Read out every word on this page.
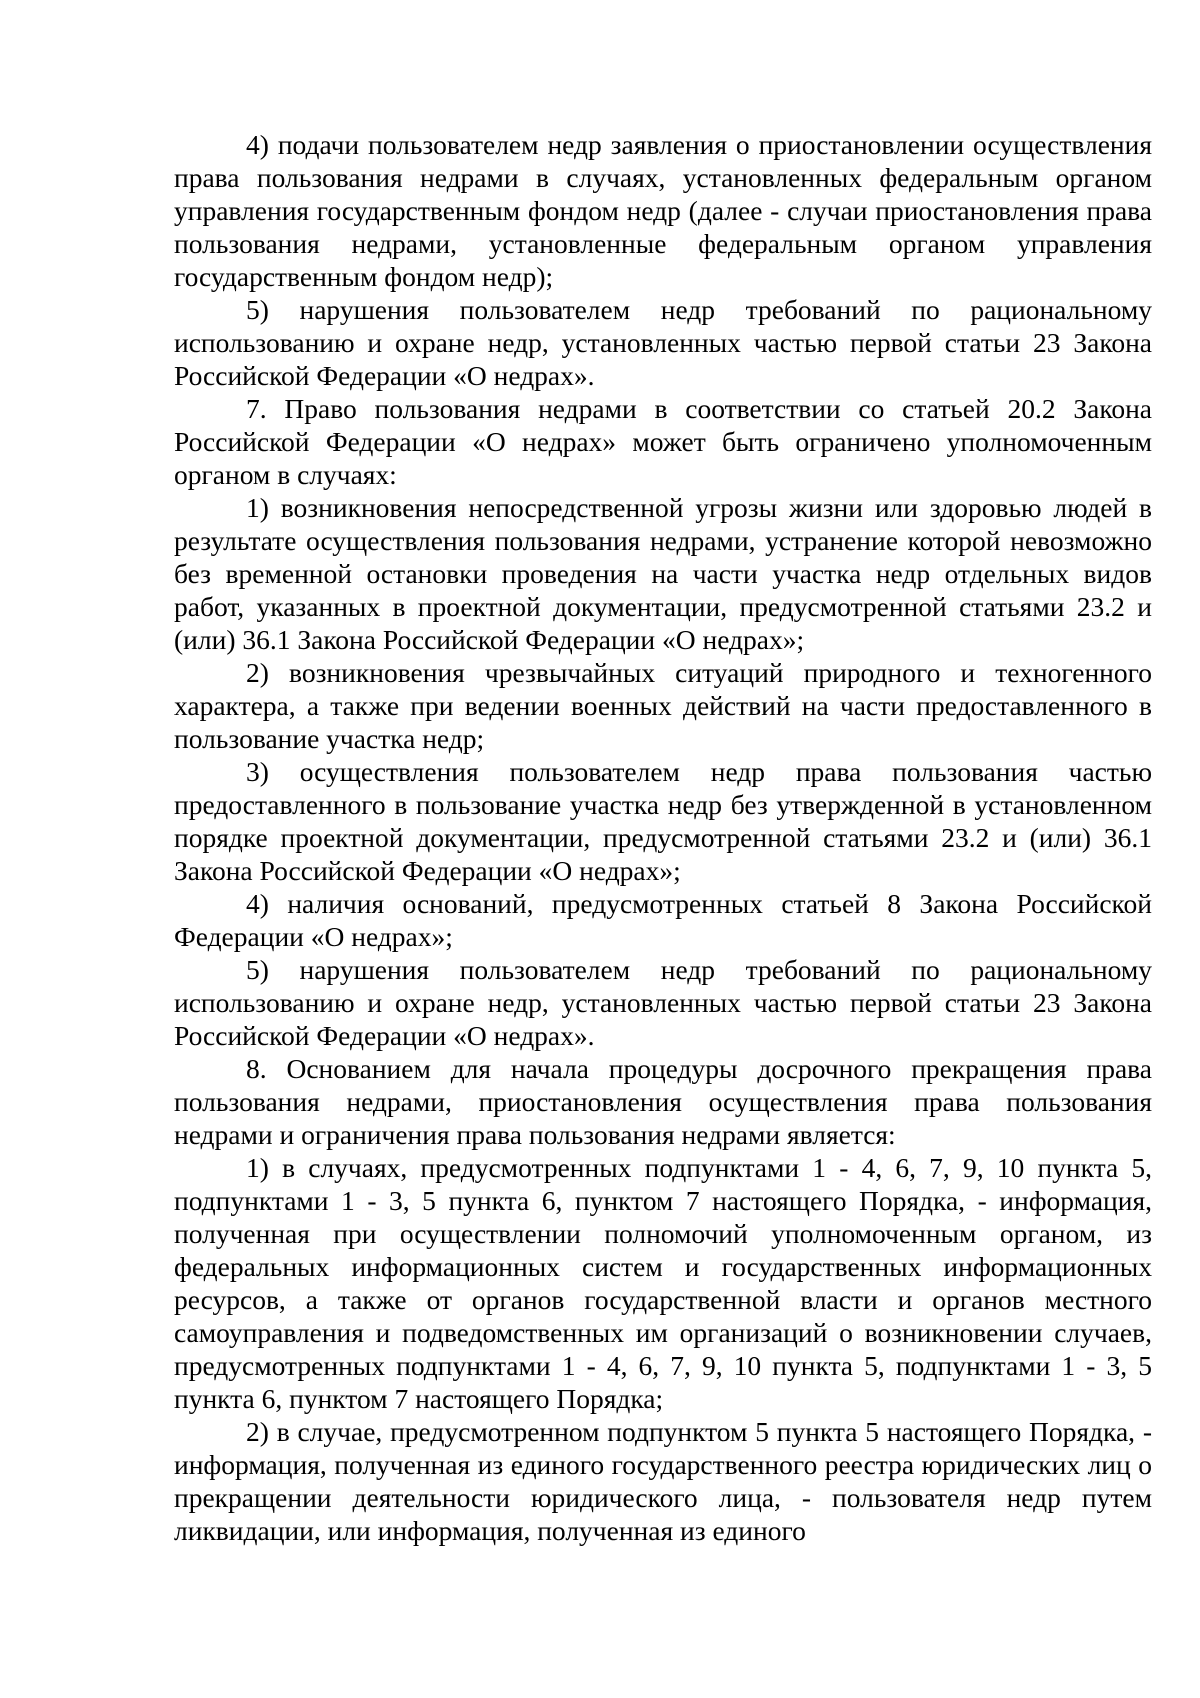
4) подачи пользователем недр заявления о приостановлении осуществления права пользования недрами в случаях, установленных федеральным органом управления государственным фондом недр (далее - случаи приостановления права пользования недрами, установленные федеральным органом управления государственным фондом недр);

5) нарушения пользователем недр требований по рациональному использованию и охране недр, установленных частью первой статьи 23 Закона Российской Федерации «О недрах».

7. Право пользования недрами в соответствии со статьей 20.2 Закона Российской Федерации «О недрах» может быть ограничено уполномоченным органом в случаях:

1) возникновения непосредственной угрозы жизни или здоровью людей в результате осуществления пользования недрами, устранение которой невозможно без временной остановки проведения на части участка недр отдельных видов работ, указанных в проектной документации, предусмотренной статьями 23.2 и (или) 36.1 Закона Российской Федерации «О недрах»;

2) возникновения чрезвычайных ситуаций природного и техногенного характера, а также при ведении военных действий на части предоставленного в пользование участка недр;

3) осуществления пользователем недр права пользования частью предоставленного в пользование участка недр без утвержденной в установленном порядке проектной документации, предусмотренной статьями 23.2 и (или) 36.1 Закона Российской Федерации «О недрах»;

4) наличия оснований, предусмотренных статьей 8 Закона Российской Федерации «О недрах»;

5) нарушения пользователем недр требований по рациональному использованию и охране недр, установленных частью первой статьи 23 Закона Российской Федерации «О недрах».

8. Основанием для начала процедуры досрочного прекращения права пользования недрами, приостановления осуществления права пользования недрами и ограничения права пользования недрами является:

1) в случаях, предусмотренных подпунктами 1 - 4, 6, 7, 9, 10 пункта 5, подпунктами 1 - 3, 5 пункта 6, пунктом 7 настоящего Порядка, - информация, полученная при осуществлении полномочий уполномоченным органом, из федеральных информационных систем и государственных информационных ресурсов, а также от органов государственной власти и органов местного самоуправления и подведомственных им организаций о возникновении случаев, предусмотренных подпунктами 1 - 4, 6, 7, 9, 10 пункта 5, подпунктами 1 - 3, 5 пункта 6, пунктом 7 настоящего Порядка;

2) в случае, предусмотренном подпунктом 5 пункта 5 настоящего Порядка, - информация, полученная из единого государственного реестра юридических лиц о прекращении деятельности юридического лица, - пользователя недр путем ликвидации, или информация, полученная из единого
